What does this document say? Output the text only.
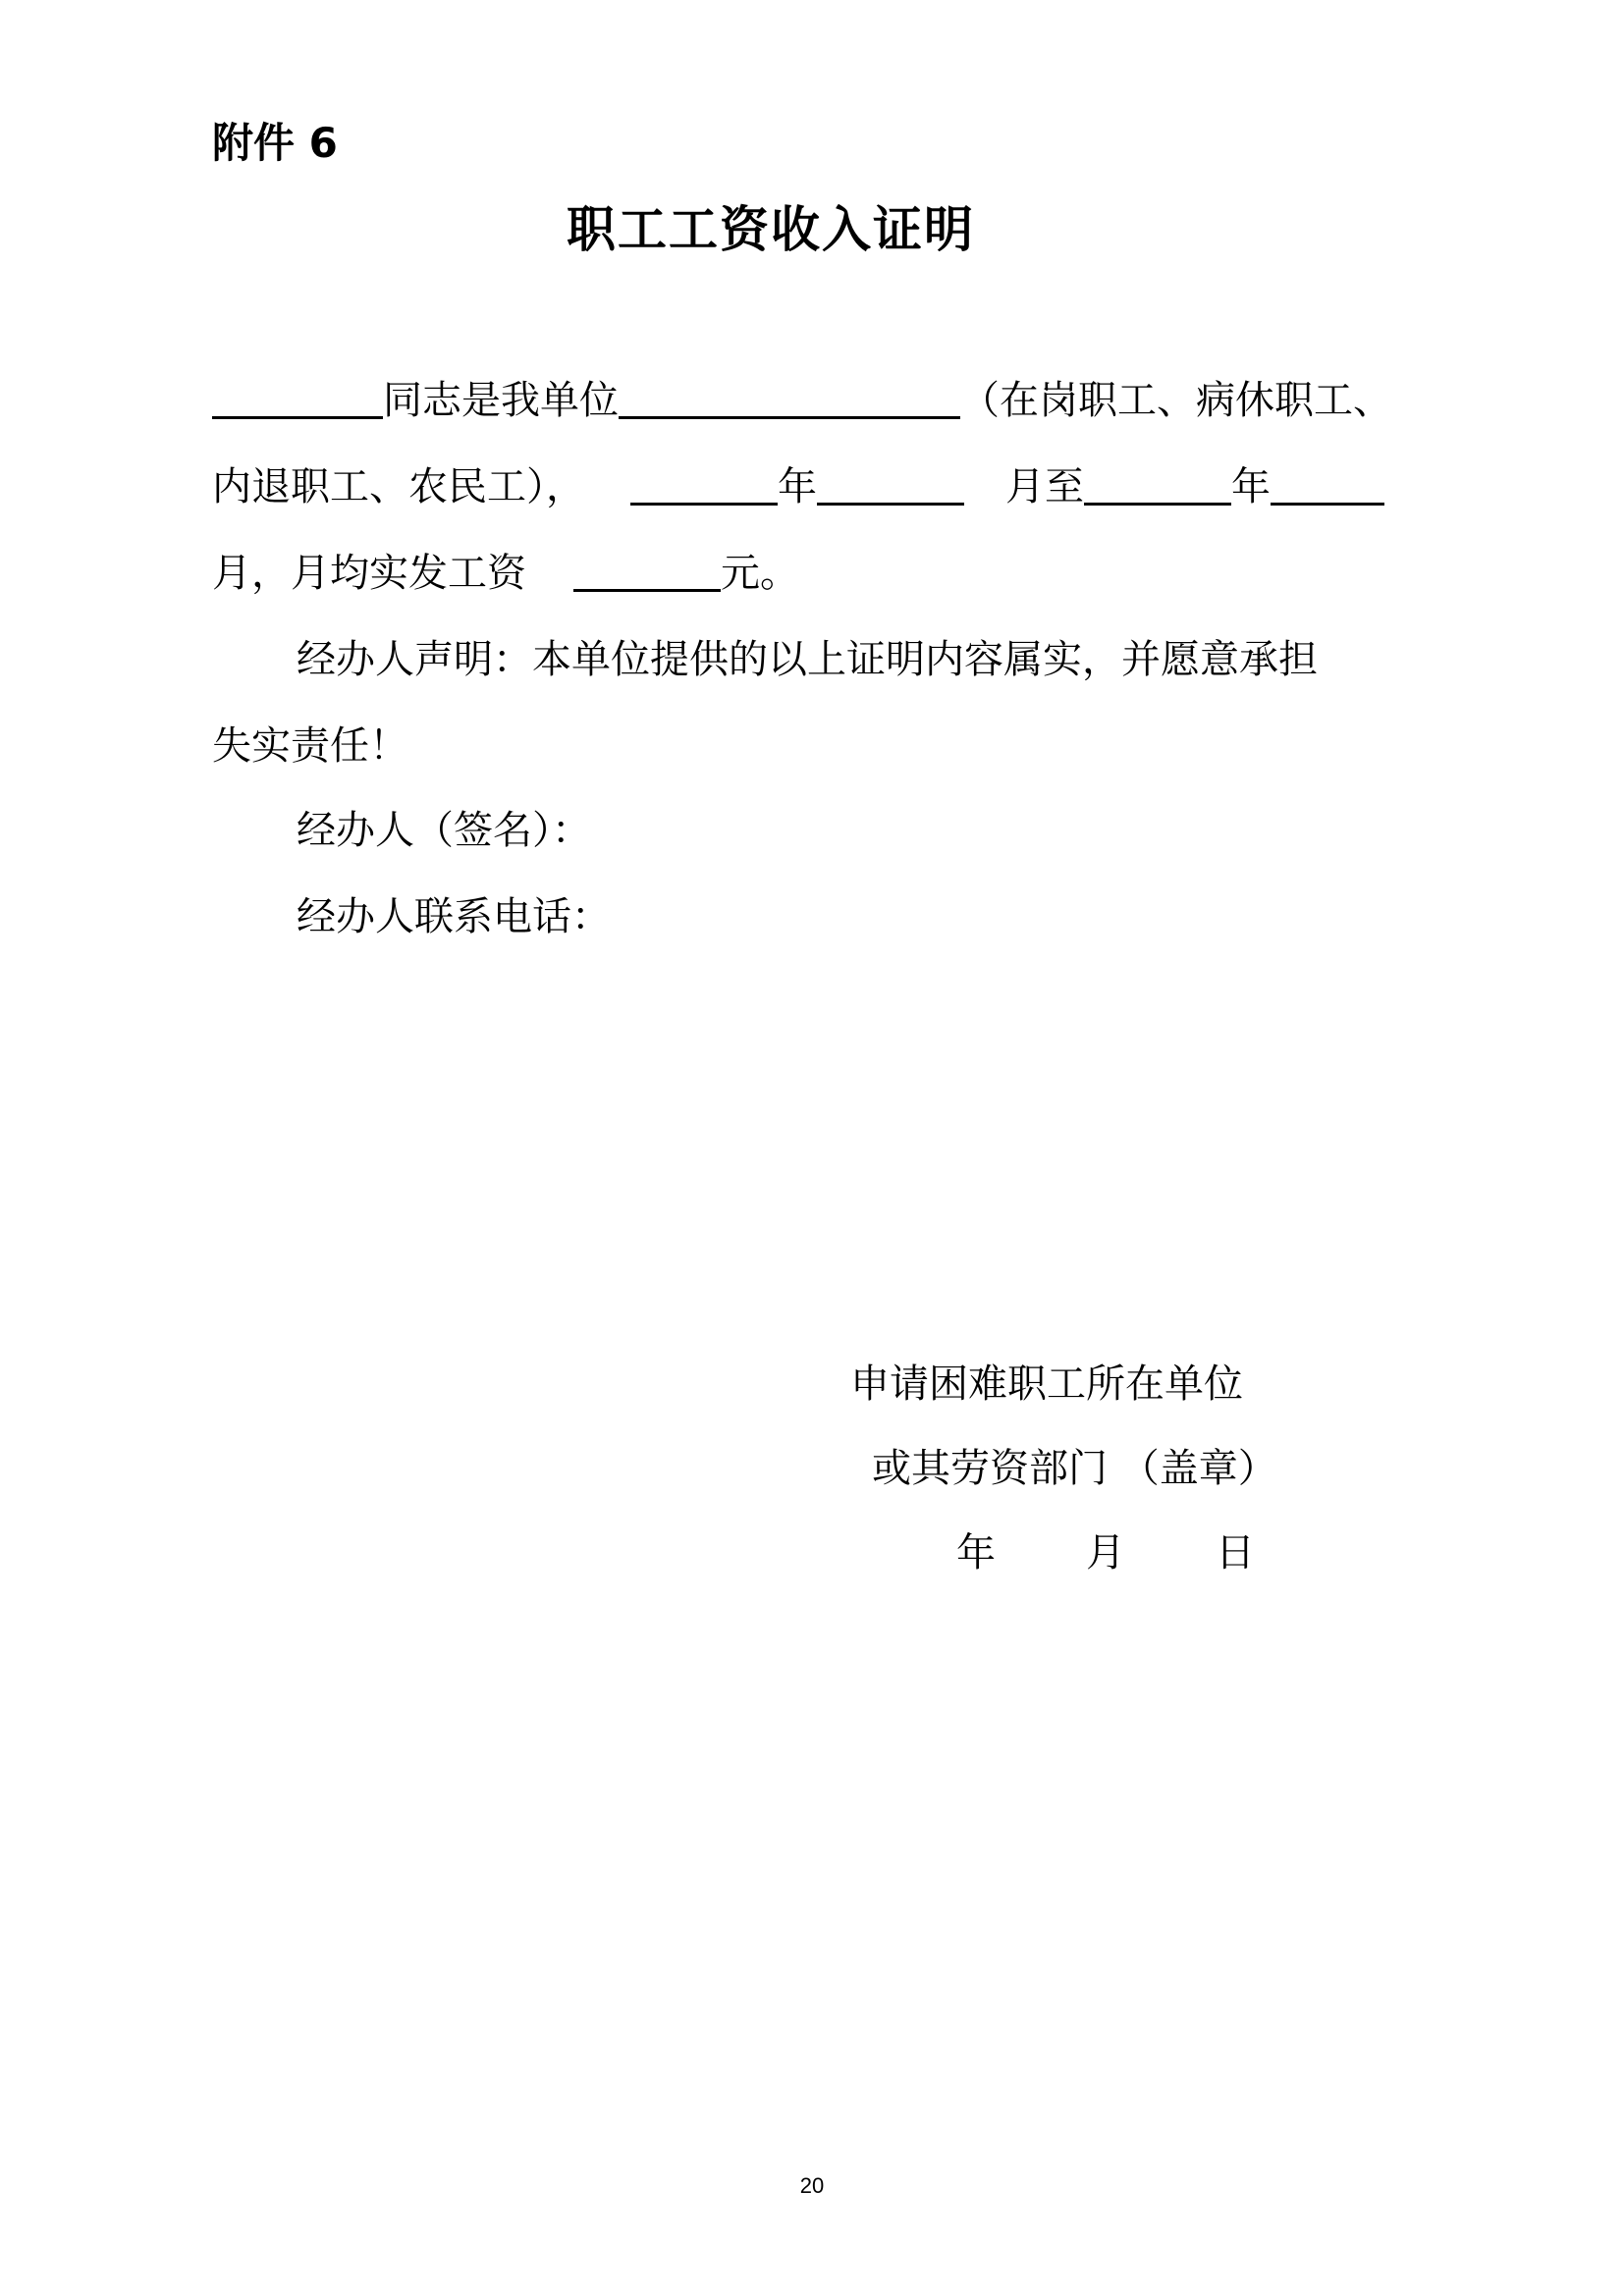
附件 6
职工工资收入证明
同志是我单位	（在岗职工、病休职工、
内退职工、农民工），	年	月至	年
月，月均实发工资	元。
经办人声明：本单位提供的以上证明内容属实，并愿意承担
失实责任！
经办人（签名）：
经办人联系电话：
申请困难职工所在单位
或其劳资部门 （盖章）
年 月 日
20
